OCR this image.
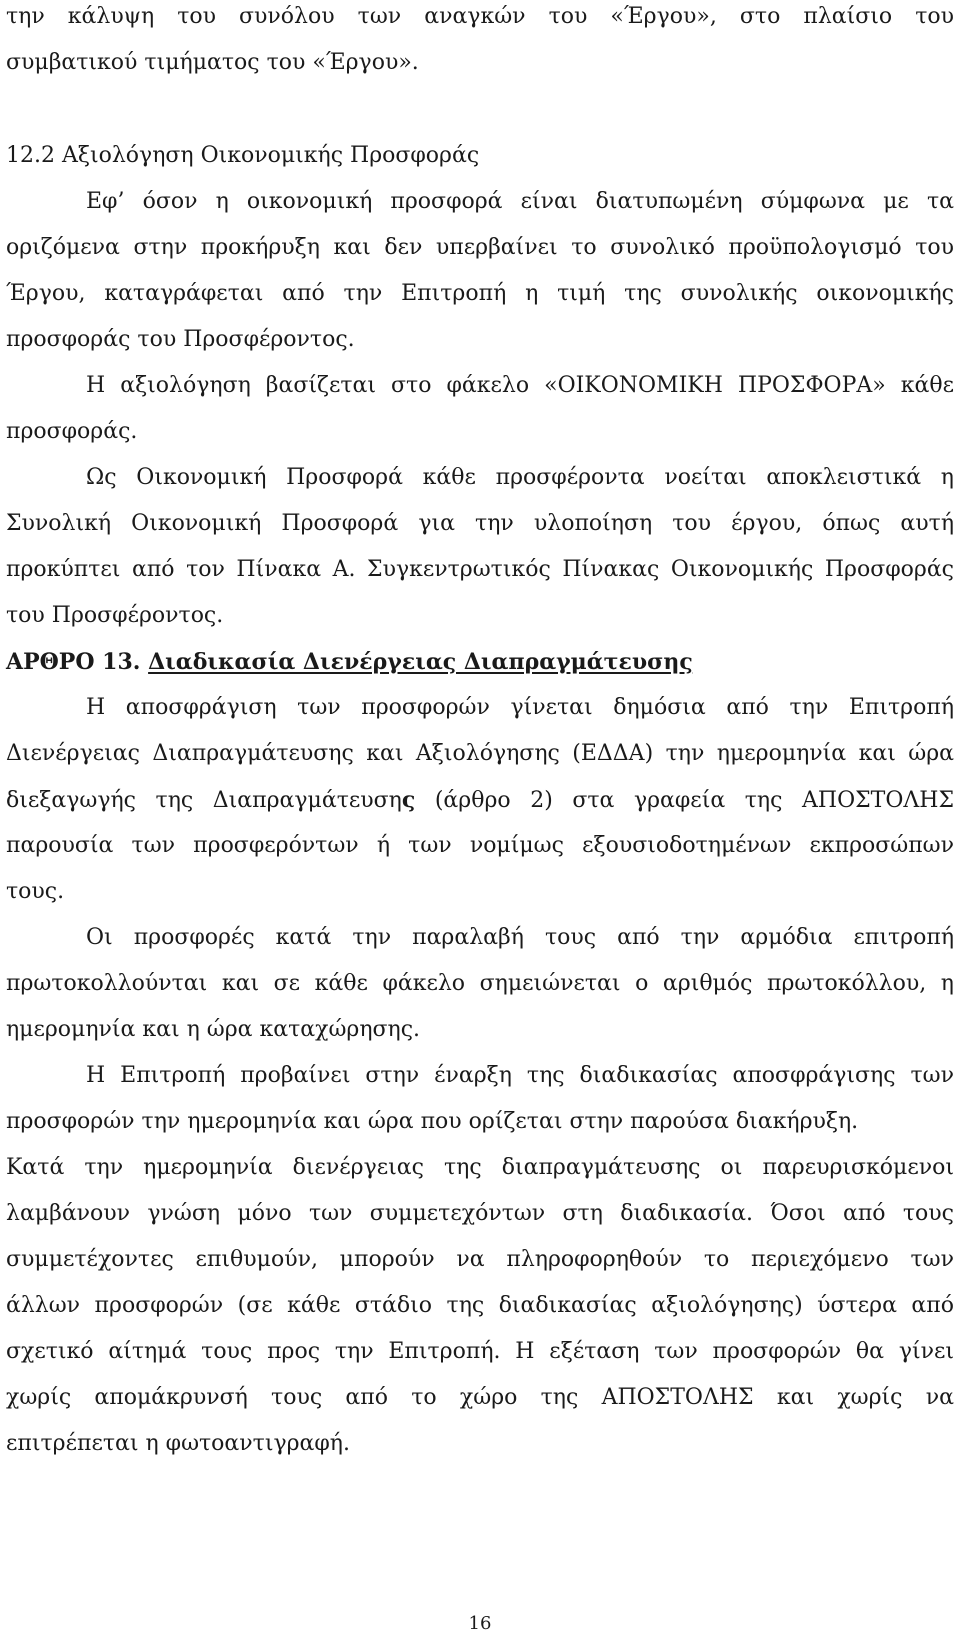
την κάλυψη του συνόλου των αναγκών του «Έργου», στο πλαίσιο του
συμβατικού τιμήματος του «Έργου».
12.2 Αξιολόγηση Οικονομικής Προσφοράς
Εφ’ όσον η οικονομική προσφορά είναι διατυπωμένη σύμφωνα με τα
οριζόμενα στην προκήρυξη και δεν υπερβαίνει το συνολικό προϋπολογισμό του
Έργου, καταγράφεται από την Επιτροπή η τιμή της συνολικής οικονομικής
προσφοράς του Προσφέροντος.
Η αξιολόγηση βασίζεται στο φάκελο «ΟΙΚΟΝΟΜΙΚΗ ΠΡΟΣΦΟΡΑ» κάθε
προσφοράς.
Ως Οικονομική Προσφορά κάθε προσφέροντα νοείται αποκλειστικά η
Συνολική Οικονομική Προσφορά για την υλοποίηση του έργου, όπως αυτή
προκύπτει από τον Πίνακα Α. Συγκεντρωτικός Πίνακας Οικονομικής Προσφοράς
του Προσφέροντος.
ΑΡΘΡΟ 13. Διαδικασία Διενέργειας Διαπραγμάτευσης
Η αποσφράγιση των προσφορών γίνεται δημόσια από την Επιτροπή
Διενέργειας Διαπραγμάτευσης και Αξιολόγησης (ΕΔΔΑ) την ημερομηνία και ώρα
διεξαγωγής της Διαπραγμάτευσης (άρθρο 2) στα γραφεία της ΑΠΟΣΤΟΛΗΣ
παρουσία των προσφερόντων ή των νομίμως εξουσιοδοτημένων εκπροσώπων
τους.
Οι προσφορές κατά την παραλαβή τους από την αρμόδια επιτροπή
πρωτοκολλούνται και σε κάθε φάκελο σημειώνεται ο αριθμός πρωτοκόλλου, η
ημερομηνία και η ώρα καταχώρησης.
Η Επιτροπή προβαίνει στην έναρξη της διαδικασίας αποσφράγισης των
προσφορών την ημερομηνία και ώρα που ορίζεται στην παρούσα διακήρυξη.
Κατά την ημερομηνία διενέργειας της διαπραγμάτευσης οι παρευρισκόμενοι
λαμβάνουν γνώση μόνο των συμμετεχόντων στη διαδικασία. Όσοι από τους
συμμετέχοντες επιθυμούν, μπορούν να πληροφορηθούν το περιεχόμενο των
άλλων προσφορών (σε κάθε στάδιο της διαδικασίας αξιολόγησης) ύστερα από
σχετικό αίτημά τους προς την Επιτροπή. Η εξέταση των προσφορών θα γίνει
χωρίς απομάκρυνσή τους από το χώρο της ΑΠΟΣΤΟΛΗΣ και χωρίς να
επιτρέπεται η φωτοαντιγραφή.
16
